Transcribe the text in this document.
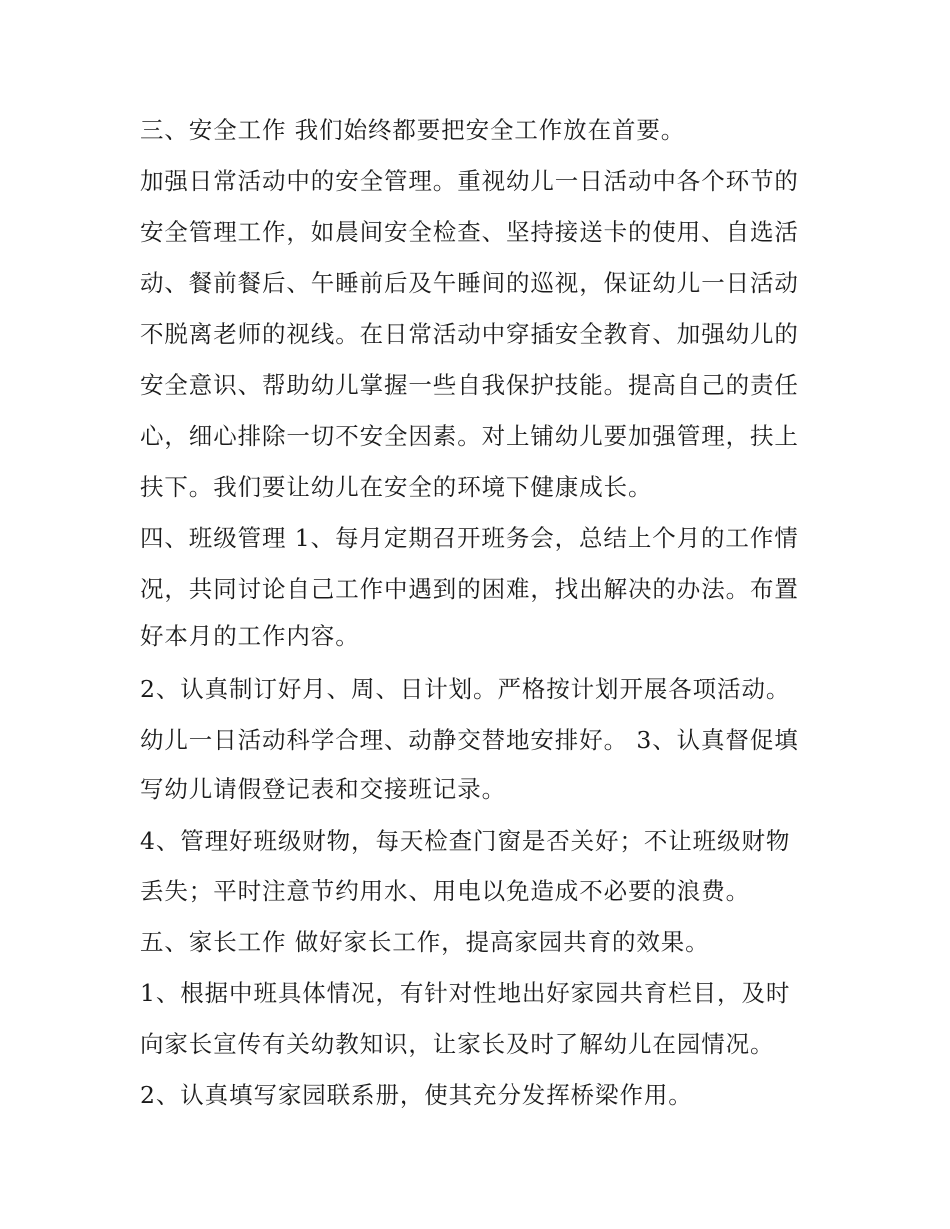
三、安全工作 我们始终都要把安全工作放在首要。
加强日常活动中的安全管理。重视幼儿一日活动中各个环节的
安全管理工作，如晨间安全检查、坚持接送卡的使用、自选活
动、餐前餐后、午睡前后及午睡间的巡视，保证幼儿一日活动
不脱离老师的视线。在日常活动中穿插安全教育、加强幼儿的
安全意识、帮助幼儿掌握一些自我保护技能。提高自己的责任
心，细心排除一切不安全因素。对上铺幼儿要加强管理，扶上
扶下。我们要让幼儿在安全的环境下健康成长。
四、班级管理 1、每月定期召开班务会，总结上个月的工作情
况，共同讨论自己工作中遇到的困难，找出解决的办法。布置
好本月的工作内容。
2、认真制订好月、周、日计划。严格按计划开展各项活动。
幼儿一日活动科学合理、动静交替地安排好。 3、认真督促填
写幼儿请假登记表和交接班记录。
4、管理好班级财物，每天检查门窗是否关好；不让班级财物
丢失；平时注意节约用水、用电以免造成不必要的浪费。
五、家长工作 做好家长工作，提高家园共育的效果。
1、根据中班具体情况，有针对性地出好家园共育栏目，及时
向家长宣传有关幼教知识，让家长及时了解幼儿在园情况。
2、认真填写家园联系册，使其充分发挥桥梁作用。
